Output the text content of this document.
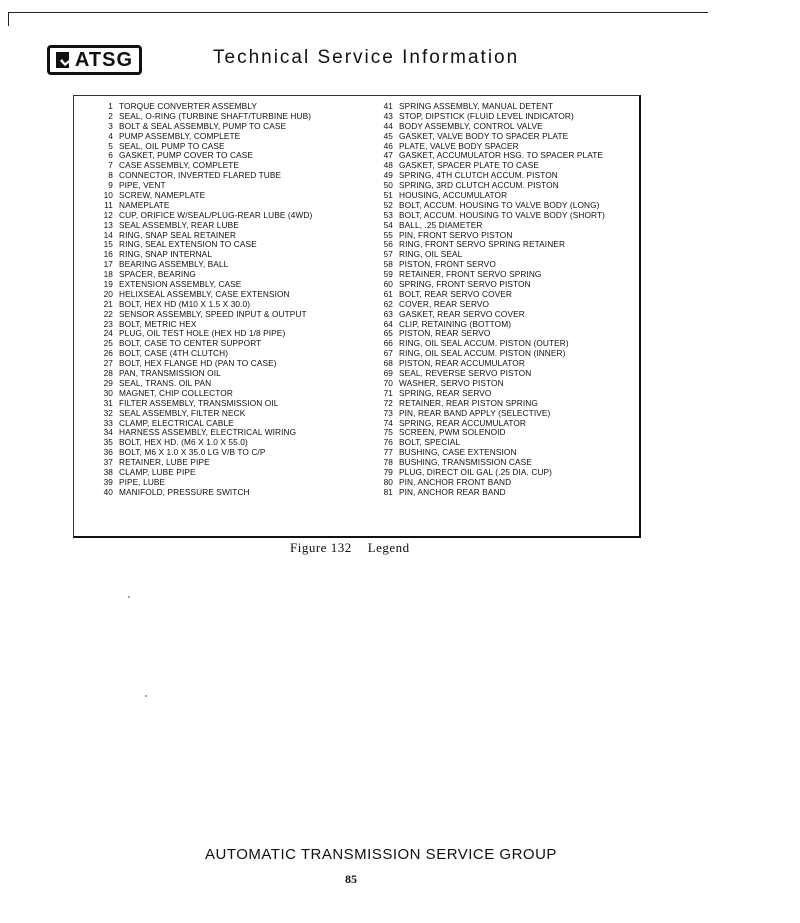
ATSG	Technical Service Information
1 TORQUE CONVERTER ASSEMBLY
2 SEAL, O-RING (TURBINE SHAFT/TURBINE HUB)
3 BOLT & SEAL ASSEMBLY, PUMP TO CASE
4 PUMP ASSEMBLY, COMPLETE
5 SEAL, OIL PUMP TO CASE
6 GASKET, PUMP COVER TO CASE
7 CASE ASSEMBLY, COMPLETE
8 CONNECTOR, INVERTED FLARED TUBE
9 PIPE, VENT
10 SCREW, NAMEPLATE
11 NAMEPLATE
12 CUP, ORIFICE W/SEAL/PLUG-REAR LUBE (4WD)
13 SEAL ASSEMBLY, REAR LUBE
14 RING, SNAP SEAL RETAINER
15 RING, SEAL EXTENSION TO CASE
16 RING, SNAP INTERNAL
17 BEARING ASSEMBLY, BALL
18 SPACER, BEARING
19 EXTENSION ASSEMBLY, CASE
20 HELIXSEAL ASSEMBLY, CASE EXTENSION
21 BOLT, HEX HD (M10 X 1.5 X 30.0)
22 SENSOR ASSEMBLY, SPEED INPUT & OUTPUT
23 BOLT, METRIC HEX
24 PLUG, OIL TEST HOLE (HEX HD 1/8 PIPE)
25 BOLT, CASE TO CENTER SUPPORT
26 BOLT, CASE (4TH CLUTCH)
27 BOLT, HEX FLANGE HD (PAN TO CASE)
28 PAN, TRANSMISSION OIL
29 SEAL, TRANS. OIL PAN
30 MAGNET, CHIP COLLECTOR
31 FILTER ASSEMBLY, TRANSMISSION OIL
32 SEAL ASSEMBLY, FILTER NECK
33 CLAMP, ELECTRICAL CABLE
34 HARNESS ASSEMBLY, ELECTRICAL WIRING
35 BOLT, HEX HD. (M6 X 1.0 X 55.0)
36 BOLT, M6 X 1.0 X 35.0 LG V/B TO C/P
37 RETAINER, LUBE PIPE
38 CLAMP, LUBE PIPE
39 PIPE, LUBE
40 MANIFOLD, PRESSURE SWITCH
41 SPRING ASSEMBLY, MANUAL DETENT
43 STOP, DIPSTICK (FLUID LEVEL INDICATOR)
44 BODY ASSEMBLY, CONTROL VALVE
45 GASKET, VALVE BODY TO SPACER PLATE
46 PLATE, VALVE BODY SPACER
47 GASKET, ACCUMULATOR HSG. TO SPACER PLATE
48 GASKET, SPACER PLATE TO CASE
49 SPRING, 4TH CLUTCH ACCUM. PISTON
50 SPRING, 3RD CLUTCH ACCUM. PISTON
51 HOUSING, ACCUMULATOR
52 BOLT, ACCUM. HOUSING TO VALVE BODY (LONG)
53 BOLT, ACCUM. HOUSING TO VALVE BODY (SHORT)
54 BALL, .25 DIAMETER
55 PIN, FRONT SERVO PISTON
56 RING, FRONT SERVO SPRING RETAINER
57 RING, OIL SEAL
58 PISTON, FRONT SERVO
59 RETAINER, FRONT SERVO SPRING
60 SPRING, FRONT SERVO PISTON
61 BOLT, REAR SERVO COVER
62 COVER, REAR SERVO
63 GASKET, REAR SERVO COVER
64 CLIP, RETAINING (BOTTOM)
65 PISTON, REAR SERVO
66 RING, OIL SEAL ACCUM. PISTON (OUTER)
67 RING, OIL SEAL ACCUM. PISTON (INNER)
68 PISTON, REAR ACCUMULATOR
69 SEAL, REVERSE SERVO PISTON
70 WASHER, SERVO PISTON
71 SPRING, REAR SERVO
72 RETAINER, REAR PISTON SPRING
73 PIN, REAR BAND APPLY (SELECTIVE)
74 SPRING, REAR ACCUMULATOR
75 SCREEN, PWM SOLENOID
76 BOLT, SPECIAL
77 BUSHING, CASE EXTENSION
78 BUSHING, TRANSMISSION CASE
79 PLUG, DIRECT OIL GAL (.25 DIA. CUP)
80 PIN, ANCHOR FRONT BAND
81 PIN, ANCHOR REAR BAND
Figure 132 Legend
AUTOMATIC TRANSMISSION SERVICE GROUP
85
